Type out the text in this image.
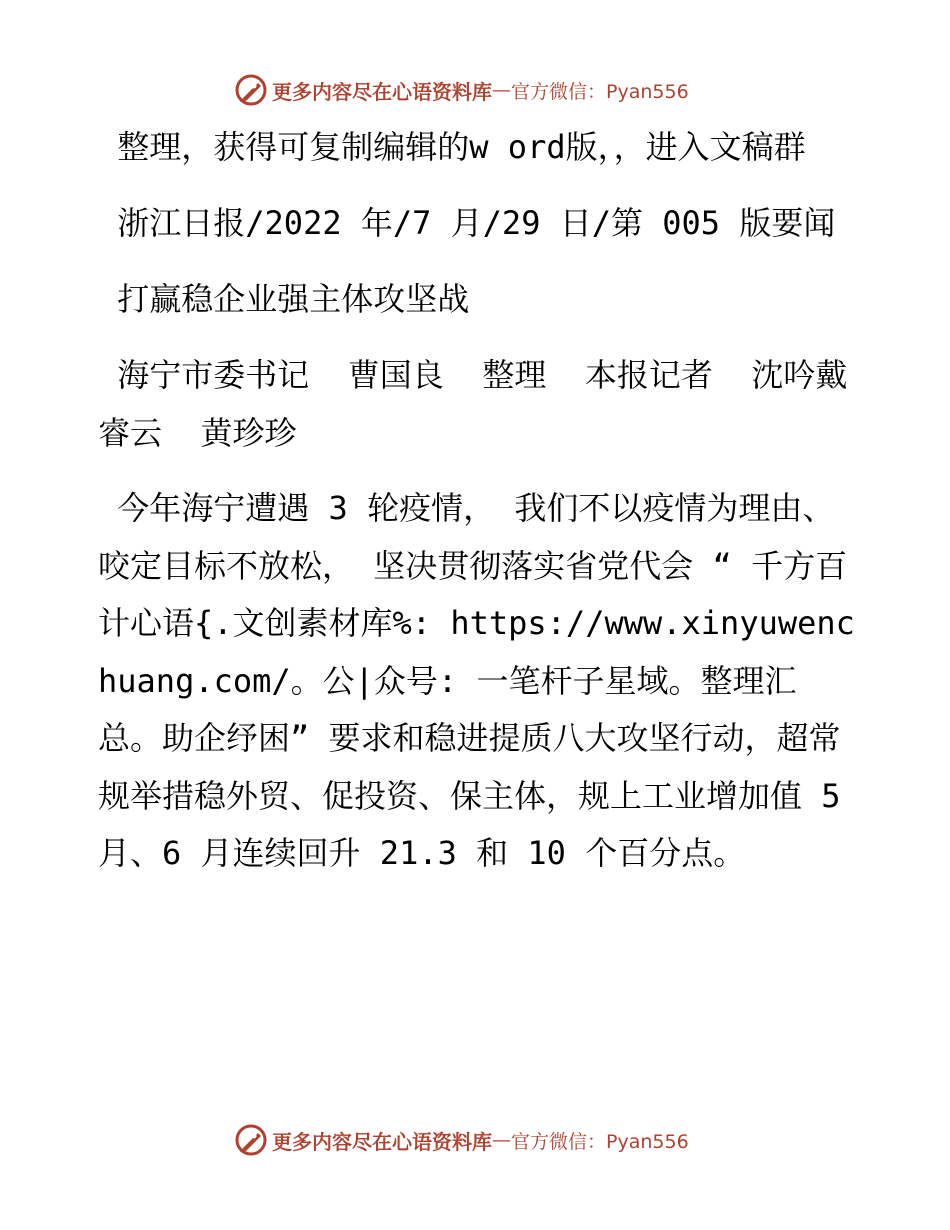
更多内容尽在心语资料库 — 官方微信：Pyan556

整理，获得可复制编辑的w ord版，，进入文稿群

浙江日报/2022 年/7 月/29 日/第 005 版要闻

打赢稳企业强主体攻坚战

海宁市委书记  曹国良  整理  本报记者  沈吟戴睿云  黄珍珍

今年海宁遭遇 3 轮疫情， 我们不以疫情为理由、 咬定目标不放松， 坚决贯彻落实省党代会 “ 千方百计心语{.文创素材库%: https://www.xinyuwenchuang.com/。公|众号: 一笔杆子星域。整理汇总。助企纾困” 要求和稳进提质八大攻坚行动，超常规举措稳外贸、促投资、保主体，规上工业增加值 5 月、6 月连续回升 21.3 和 10 个百分点。

更多内容尽在心语资料库 — 官方微信：Pyan556
